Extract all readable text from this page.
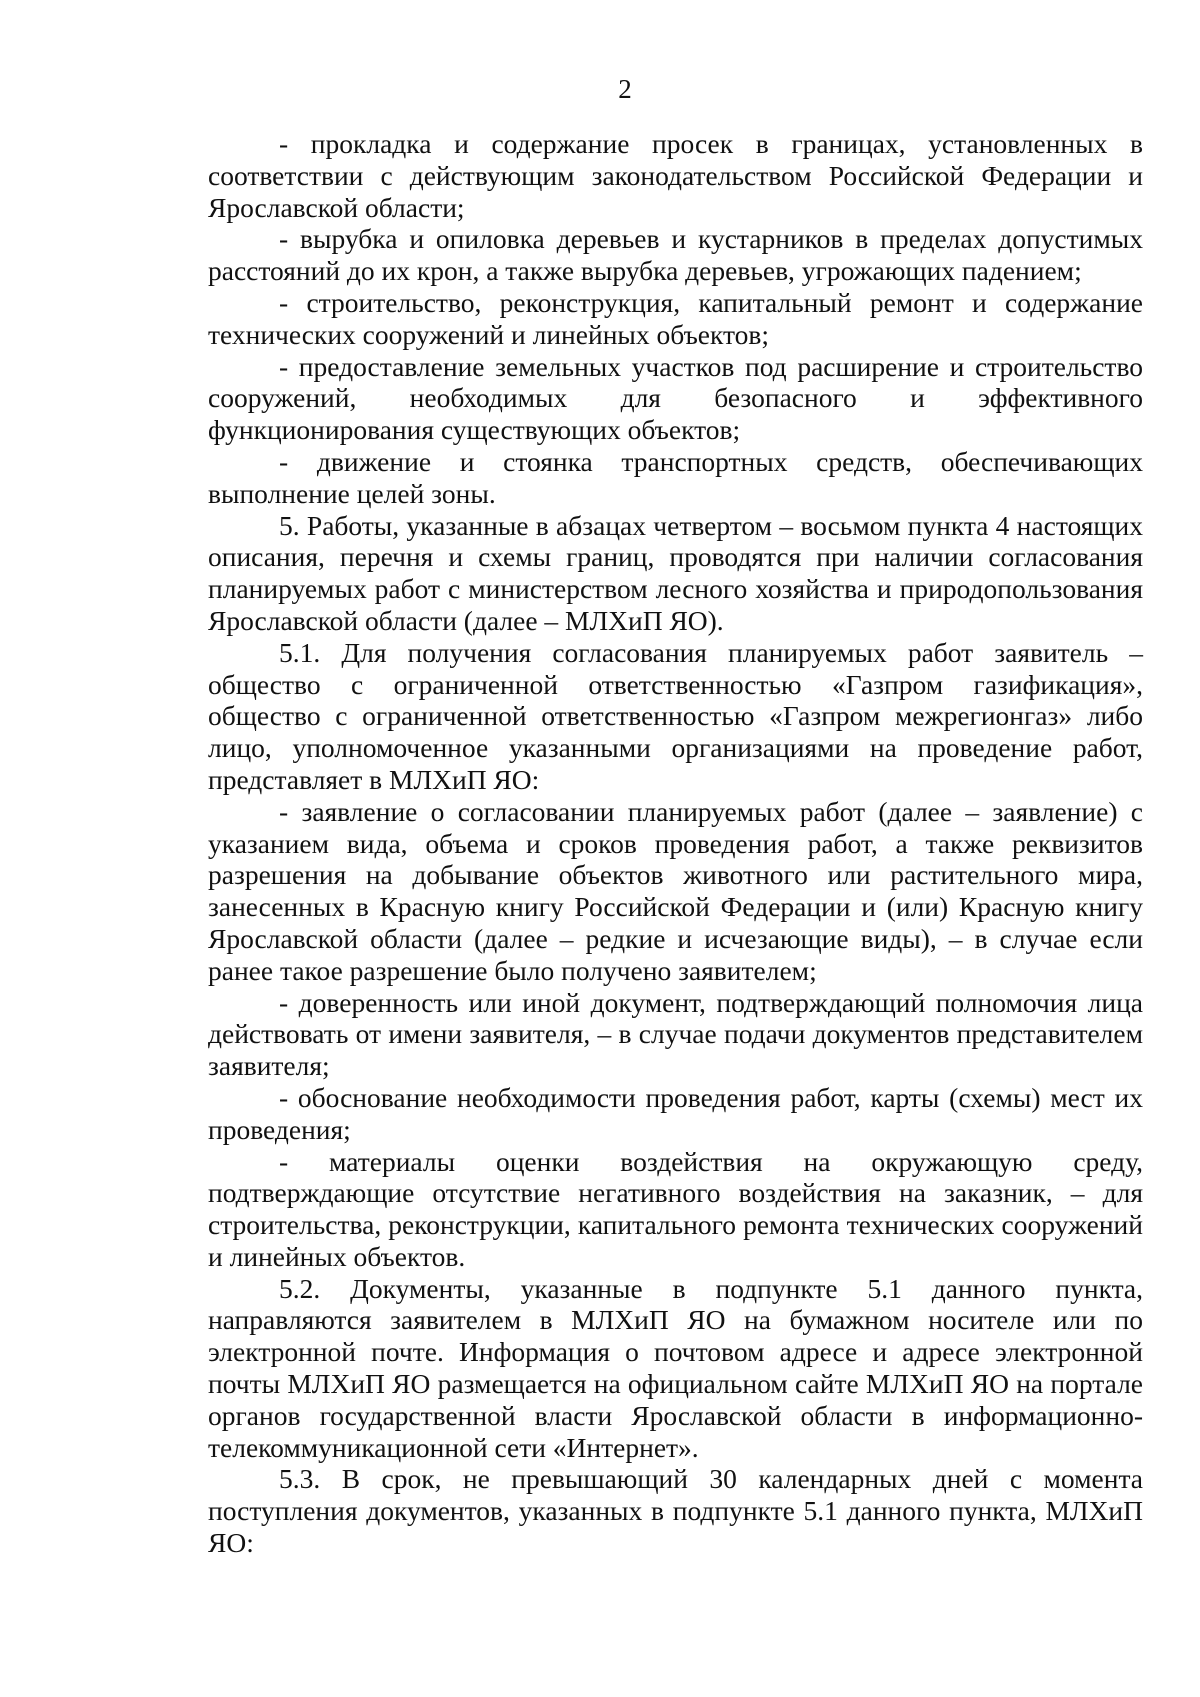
2

- прокладка и содержание просек в границах, установленных в соответствии с действующим законодательством Российской Федерации и Ярославской области;

- вырубка и опиловка деревьев и кустарников в пределах допустимых расстояний до их крон, а также вырубка деревьев, угрожающих падением;

- строительство, реконструкция, капитальный ремонт и содержание технических сооружений и линейных объектов;

- предоставление земельных участков под расширение и строительство сооружений, необходимых для безопасного и эффективного функционирования существующих объектов;

- движение и стоянка транспортных средств, обеспечивающих выполнение целей зоны.

5. Работы, указанные в абзацах четвертом – восьмом пункта 4 настоящих описания, перечня и схемы границ, проводятся при наличии согласования планируемых работ с министерством лесного хозяйства и природопользования Ярославской области (далее – МЛХиП ЯО).

5.1. Для получения согласования планируемых работ заявитель – общество с ограниченной ответственностью «Газпром газификация», общество с ограниченной ответственностью «Газпром межрегионгаз» либо лицо, уполномоченное указанными организациями на проведение работ, представляет в МЛХиП ЯО:

- заявление о согласовании планируемых работ (далее – заявление) с указанием вида, объема и сроков проведения работ, а также реквизитов разрешения на добывание объектов животного или растительного мира, занесенных в Красную книгу Российской Федерации и (или) Красную книгу Ярославской области (далее – редкие и исчезающие виды), – в случае если ранее такое разрешение было получено заявителем;

- доверенность или иной документ, подтверждающий полномочия лица действовать от имени заявителя, – в случае подачи документов представителем заявителя;

- обоснование необходимости проведения работ, карты (схемы) мест их проведения;

- материалы оценки воздействия на окружающую среду, подтверждающие отсутствие негативного воздействия на заказник, – для строительства, реконструкции, капитального ремонта технических сооружений и линейных объектов.

5.2. Документы, указанные в подпункте 5.1 данного пункта, направляются заявителем в МЛХиП ЯО на бумажном носителе или по электронной почте. Информация о почтовом адресе и адресе электронной почты МЛХиП ЯО размещается на официальном сайте МЛХиП ЯО на портале органов государственной власти Ярославской области в информационно-телекоммуникационной сети «Интернет».

5.3. В срок, не превышающий 30 календарных дней с момента поступления документов, указанных в подпункте 5.1 данного пункта, МЛХиП ЯО:
